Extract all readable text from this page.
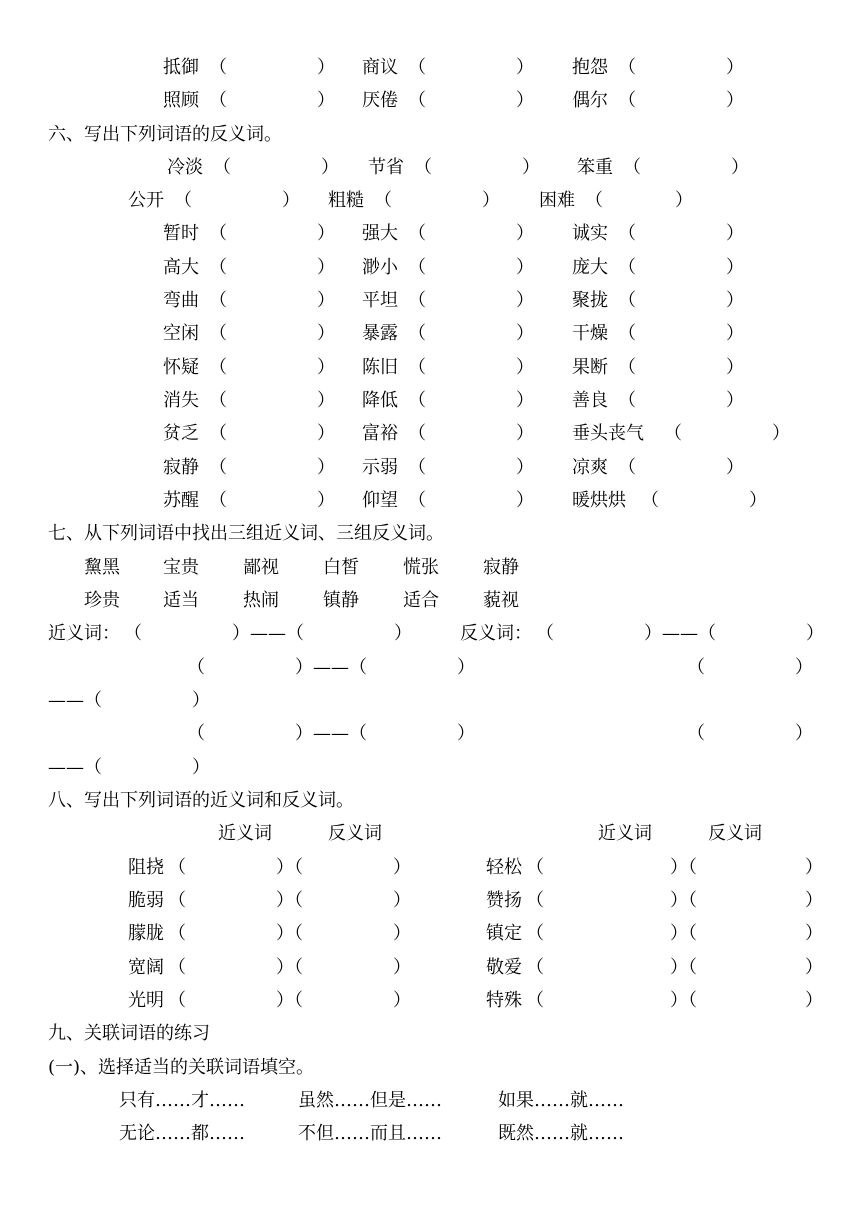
抵御 （　　　　　） 商议 （　　　　　） 抱怨 （　　　　　）
照顾 （　　　　　） 厌倦 （　　　　　） 偶尔 （　　　　　）
六、写出下列词语的反义词。
冷淡 （　　　　　） 节省 （　　　　　） 笨重 （　　　　　）
公开 （　　　　　） 粗糙 （　　　　　） 困难 （　　　　）
暂时 （　　　　　） 强大 （　　　　　） 诚实 （　　　　　）
高大 （　　　　　） 渺小 （　　　　　） 庞大 （　　　　　）
弯曲 （　　　　　） 平坦 （　　　　　） 聚拢 （　　　　　）
空闲 （　　　　　） 暴露 （　　　　　） 干燥 （　　　　　）
怀疑 （　　　　　） 陈旧 （　　　　　） 果断 （　　　　　）
消失 （　　　　　） 降低 （　　　　　） 善良 （　　　　　）
贫乏 （　　　　　） 富裕 （　　　　　） 垂头丧气 （　　　　　）
寂静 （　　　　　） 示弱 （　　　　　） 凉爽 （　　　　　）
苏醒 （　　　　　） 仰望 （　　　　　） 暖烘烘 （　　　　　）
七、从下列词语中找出三组近义词、三组反义词。
黧黑 宝贵 鄙视 白皙 慌张 寂静
珍贵 适当 热闹 镇静 适合 藐视
近义词： （　　　　　）——（　　　　　）	反义词： （　　　　　）——（　　　　　）
（　　　　　）——（　　　　　）	（　　　　　）
——（　　　　　）
（　　　　　）——（　　　　　）	（　　　　　）
——（　　　　　）
八、写出下列词语的近义词和反义词。
近义词	反义词	近义词	反义词
阻挠 （　　　　　）（　　　　　）	轻松 （　　　　　　　）（　　　　　　）
脆弱 （　　　　　）（　　　　　）	赞扬 （　　　　　　　）（　　　　　　）
朦胧 （　　　　　）（　　　　　）	镇定 （　　　　　　　）（　　　　　　）
宽阔 （　　　　　）（　　　　　）	敬爱 （　　　　　　　）（　　　　　　）
光明 （　　　　　）（　　　　　）	特殊 （　　　　　　　）（　　　　　　）
九、关联词语的练习
(一)、选择适当的关联词语填空。
只有……才……	虽然……但是……	如果……就……
无论……都……	不但……而且……	既然……就……
